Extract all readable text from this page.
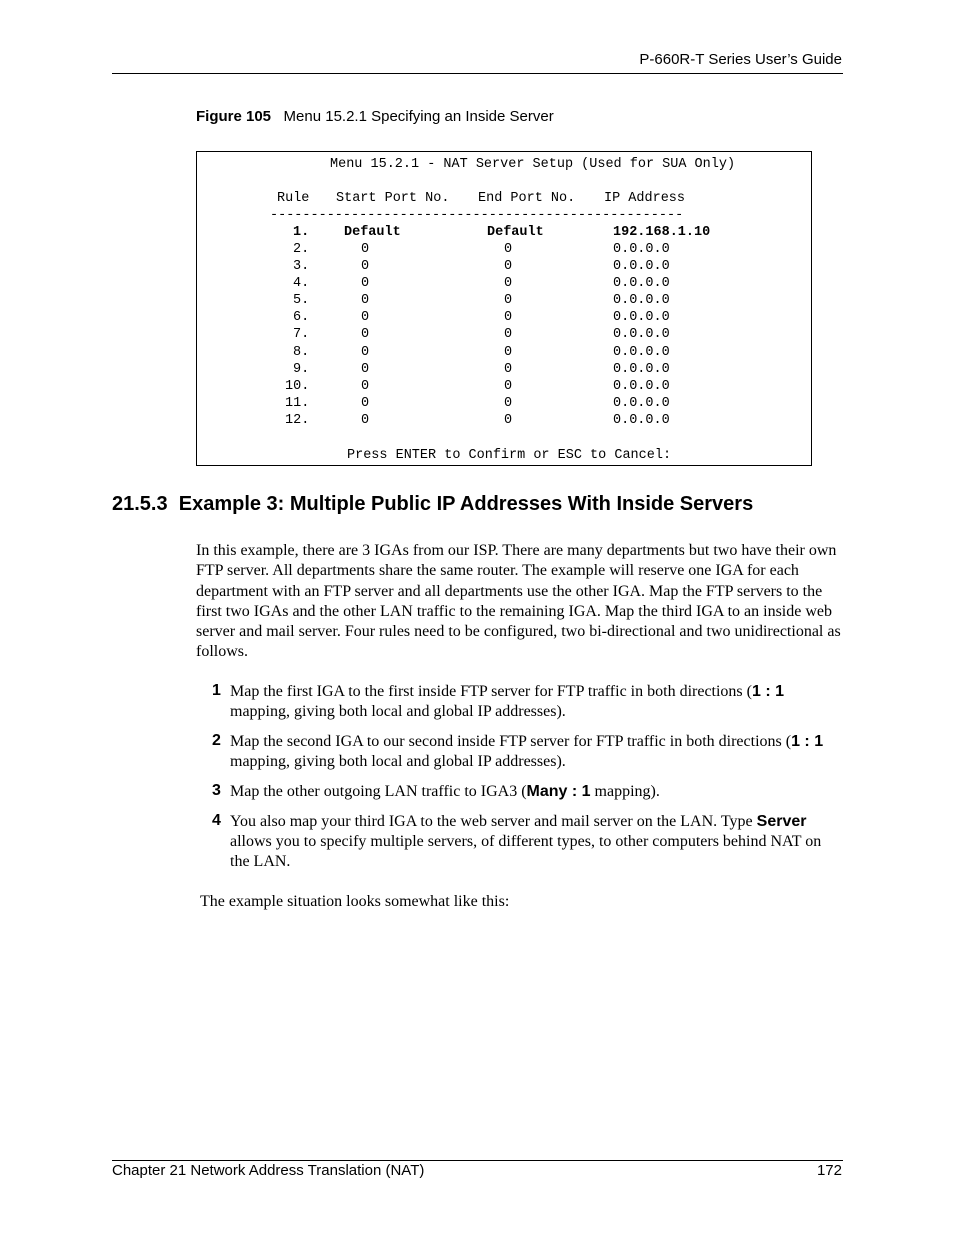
P-660R-T Series User’s Guide
Figure 105 Menu 15.2.1 Specifying an Inside Server
Menu 15.2.1 - NAT Server Setup (Used for SUA Only)
Rule Start Port No. End Port No. IP Address
---------------------------------------------------
1.	Default	Default	192.168.1.10
2.	0	0	0.0.0.0
3.	0	0	0.0.0.0
4.	0	0	0.0.0.0
5.	0	0	0.0.0.0
6.	0	0	0.0.0.0
7.	0	0	0.0.0.0
8.	0	0	0.0.0.0
9.	0	0	0.0.0.0
10.	0	0	0.0.0.0
11.	0	0	0.0.0.0
12.	0	0	0.0.0.0
Press ENTER to Confirm or ESC to Cancel:
21.5.3 Example 3: Multiple Public IP Addresses With Inside Servers
In this example, there are 3 IGAs from our ISP. There are many departments but two have their own FTP server. All departments share the same router. The example will reserve one IGA for each department with an FTP server and all departments use the other IGA. Map the FTP servers to the first two IGAs and the other LAN traffic to the remaining IGA. Map the third IGA to an inside web server and mail server. Four rules need to be configured, two bi-directional and two unidirectional as follows.
1 Map the first IGA to the first inside FTP server for FTP traffic in both directions (1 : 1 mapping, giving both local and global IP addresses).
2 Map the second IGA to our second inside FTP server for FTP traffic in both directions (1 : 1 mapping, giving both local and global IP addresses).
3 Map the other outgoing LAN traffic to IGA3 (Many : 1 mapping).
4 You also map your third IGA to the web server and mail server on the LAN. Type Server allows you to specify multiple servers, of different types, to other computers behind NAT on the LAN.
The example situation looks somewhat like this:
Chapter 21 Network Address Translation (NAT)	172
